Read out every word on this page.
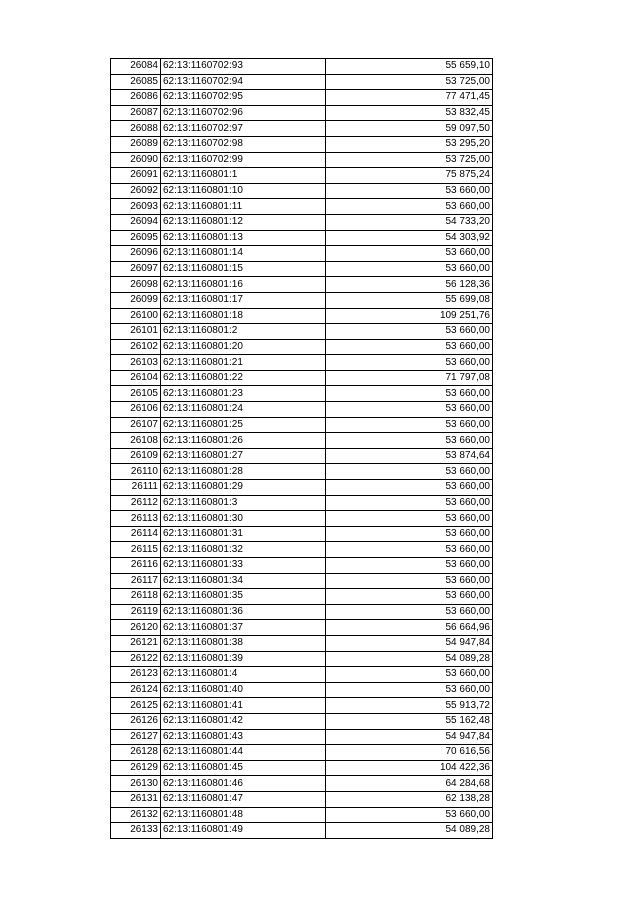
26084	62:13:1160702:93	55 659,10
26085	62:13:1160702:94	53 725,00
26086	62:13:1160702:95	77 471,45
26087	62:13:1160702:96	53 832,45
26088	62:13:1160702:97	59 097,50
26089	62:13:1160702:98	53 295,20
26090	62:13:1160702:99	53 725,00
26091	62:13:1160801:1	75 875,24
26092	62:13:1160801:10	53 660,00
26093	62:13:1160801:11	53 660,00
26094	62:13:1160801:12	54 733,20
26095	62:13:1160801:13	54 303,92
26096	62:13:1160801:14	53 660,00
26097	62:13:1160801:15	53 660,00
26098	62:13:1160801:16	56 128,36
26099	62:13:1160801:17	55 699,08
26100	62:13:1160801:18	109 251,76
26101	62:13:1160801:2	53 660,00
26102	62:13:1160801:20	53 660,00
26103	62:13:1160801:21	53 660,00
26104	62:13:1160801:22	71 797,08
26105	62:13:1160801:23	53 660,00
26106	62:13:1160801:24	53 660,00
26107	62:13:1160801:25	53 660,00
26108	62:13:1160801:26	53 660,00
26109	62:13:1160801:27	53 874,64
26110	62:13:1160801:28	53 660,00
26111	62:13:1160801:29	53 660,00
26112	62:13:1160801:3	53 660,00
26113	62:13:1160801:30	53 660,00
26114	62:13:1160801:31	53 660,00
26115	62:13:1160801:32	53 660,00
26116	62:13:1160801:33	53 660,00
26117	62:13:1160801:34	53 660,00
26118	62:13:1160801:35	53 660,00
26119	62:13:1160801:36	53 660,00
26120	62:13:1160801:37	56 664,96
26121	62:13:1160801:38	54 947,84
26122	62:13:1160801:39	54 089,28
26123	62:13:1160801:4	53 660,00
26124	62:13:1160801:40	53 660,00
26125	62:13:1160801:41	55 913,72
26126	62:13:1160801:42	55 162,48
26127	62:13:1160801:43	54 947,84
26128	62:13:1160801:44	70 616,56
26129	62:13:1160801:45	104 422,36
26130	62:13:1160801:46	64 284,68
26131	62:13:1160801:47	62 138,28
26132	62:13:1160801:48	53 660,00
26133	62:13:1160801:49	54 089,28
